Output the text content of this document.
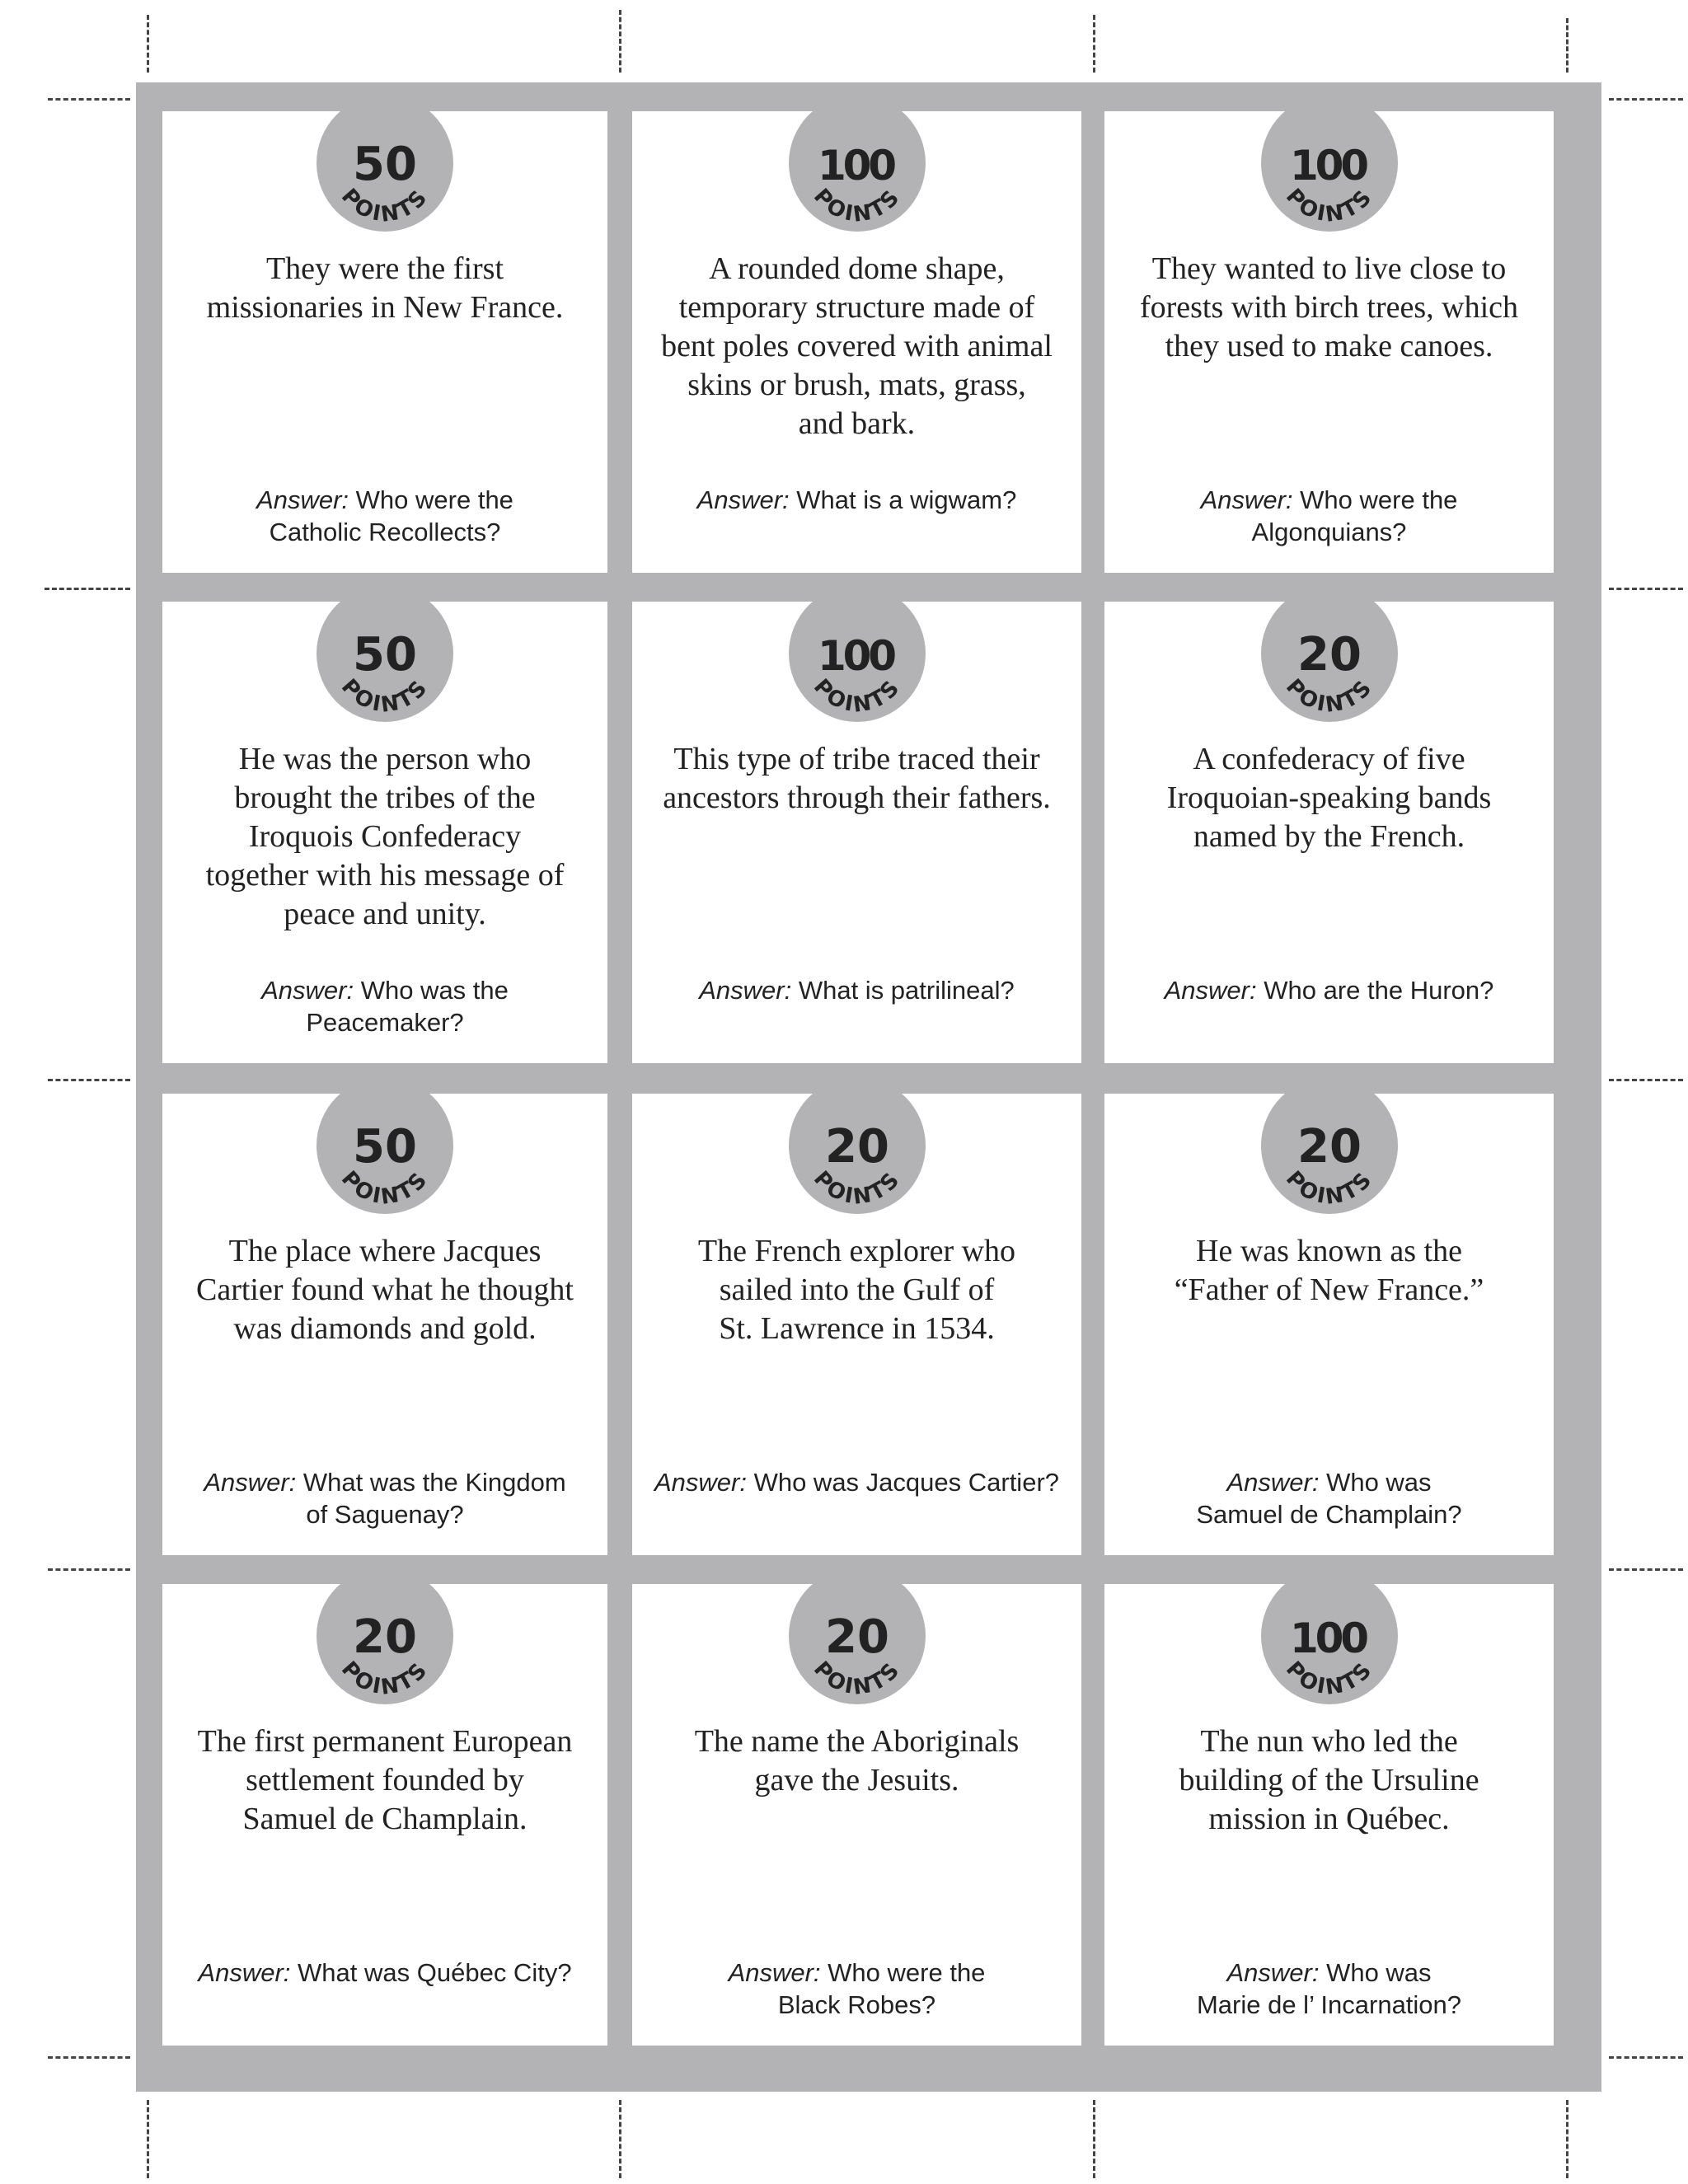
50
POINTS
They were the first
missionaries in New France.
Answer: Who were the
Catholic Recollects?
100
POINTS
A rounded dome shape,
temporary structure made of
bent poles covered with animal
skins or brush, mats, grass,
and bark.
Answer: What is a wigwam?
100
POINTS
They wanted to live close to
forests with birch trees, which
they used to make canoes.
Answer: Who were the
Algonquians?
50
POINTS
He was the person who
brought the tribes of the
Iroquois Confederacy
together with his message of
peace and unity.
Answer: Who was the
Peacemaker?
100
POINTS
This type of tribe traced their
ancestors through their fathers.
Answer: What is patrilineal?
20
POINTS
A confederacy of five
Iroquoian-speaking bands
named by the French.
Answer: Who are the Huron?
50
POINTS
The place where Jacques
Cartier found what he thought
was diamonds and gold.
Answer: What was the Kingdom
of Saguenay?
20
POINTS
The French explorer who
sailed into the Gulf of
St. Lawrence in 1534.
Answer: Who was Jacques Cartier?
20
POINTS
He was known as the
“Father of New France.”
Answer: Who was
Samuel de Champlain?
20
POINTS
The first permanent European
settlement founded by
Samuel de Champlain.
Answer: What was Québec City?
20
POINTS
The name the Aboriginals
gave the Jesuits.
Answer: Who were the
Black Robes?
100
POINTS
The nun who led the
building of the Ursuline
mission in Québec.
Answer: Who was
Marie de l’ Incarnation?
